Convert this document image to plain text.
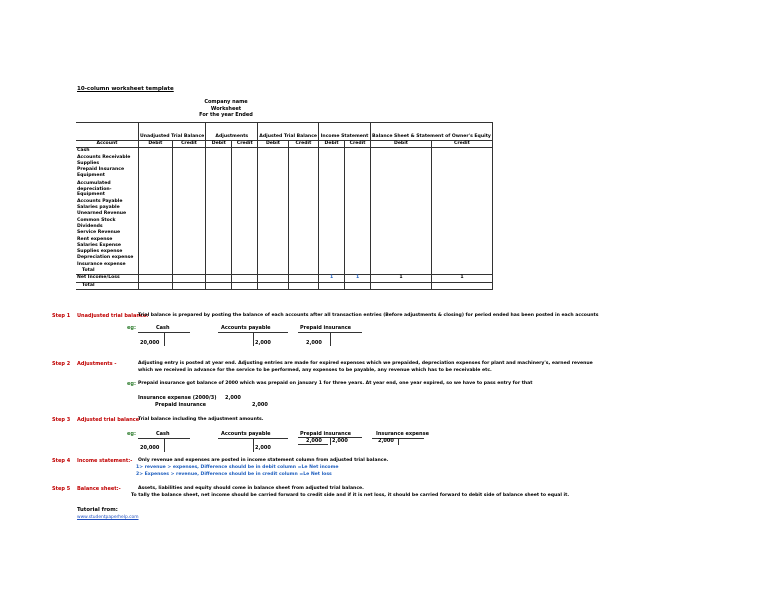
10-column worksheet template
Company name
Worksheet
For the year Ended
	Unadjusted Trial Balance		Adjustments		Adjusted Trial Balance		Income Statement		Balance Sheet & Statement of Owner's Equity	
Account	Debit	Credit	Debit	Credit	Debit	Credit	Debit	Credit	Debit	Credit
Cash										
Accounts Receivable										
Supplies										
Prepaid Insurance										
Equipment										
Accumulated depreciation-Equipment										
Accounts Payable										
Salaries payable										
Unearned Revenue										
Common Stock										
Dividends										
Service Revenue										
Rent expense										
Salaries Expense										
Supplies expense										
Depreciation expense										
Insurance expense										
Total										
Net Income/Loss							1	1	1	1
Total										
Step 1 Unadjusted trial balance:
Trial balance is prepared by posting the balance of each accounts after all transaction entries (Before adjustments & closing) for period ended has been posted in each accounts
eg:	Cash
20,000
Accounts payable
2,000
Prepaid insurance
2,000
Step 2 Adjustments -	Adjusting entry is posted at year end. Adjusting entries are made for expired expenses which we prepaided, depreciation expenses for plant and machinery's, earned revenue
which we received in advance for the service to be performed, any expenses to be payable, any revenue which has to be receivable etc.
eg: Prepaid insurance got balance of 2000 which was prepaid on january 1 for three years. At year end, one year expired, so we have to pass entry for that
Insurance expense (2000/3) 2,000
Prepaid insurance	2,000
Step 3 Adjusted trial balance
Trial balance including the adjustment amounts.
eg:	Cash
20,000
Accounts payable
2,000
Prepaid insurance
2,000 2,000
Insurance expense
2,000
Step 4 Income statement:- Only revenue and expenses are posted in income statement column from adjusted trial balance.
1> revenue > expenses, Difference should be in debit column =Le Net income
2> Expenses > revenue, Difference should be in credit column =Le Net loss
Step 5 Balance sheet:-	Assets, liabilities and equity should come in balance sheet from adjusted trial balance.
To tally the balance sheet, net income should be carried forward to credit side and if it is net loss, it should be carried forward to debit side of balance sheet to equal it.
Tutorial from:
www.studentpaperhelp.com
